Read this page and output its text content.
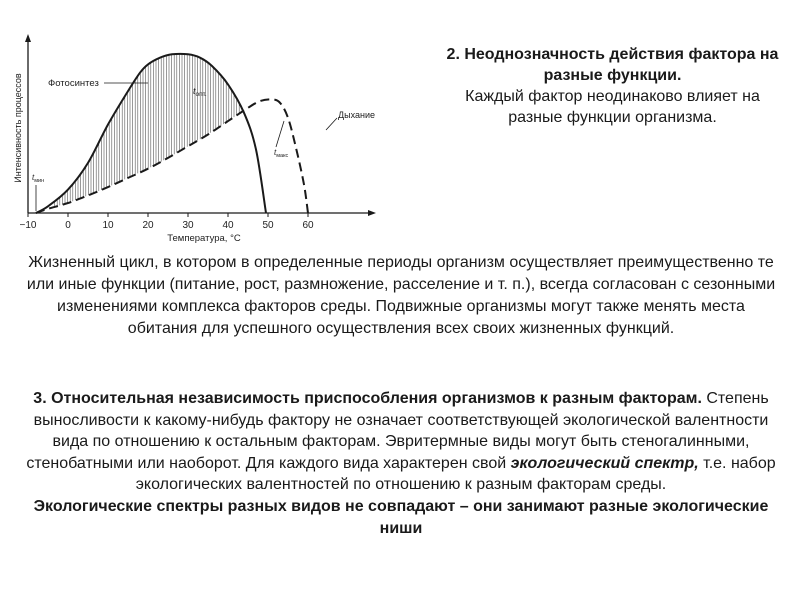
−10	0	10	20	30	40	50	60
Интенсивность процессов
Температура, °С
Фотосинтез
Дыхание
$t_{опт.}$
$t_{мин}$
$t_{макс}$
2. Неоднозначность действия фактора на разные функции.
Каждый фактор неодинаково влияет на разные функции организма.
Жизненный цикл, в котором в определенные периоды организм осуществляет преимущественно те или иные функции (питание, рост, размножение, расселение и т. п.), всегда согласован с сезонными изменениями комплекса факторов среды. Подвижные организмы могут также менять места обитания для успешного осуществления всех своих жизненных функций.
3. Относительная независимость приспособления организмов к разным факторам. Степень выносливости к какому-нибудь фактору не означает соответствующей экологической валентности вида по отношению к остальным факторам. Эвритермные виды могут быть стеногалинными, стенобатными или наоборот. Для каждого вида характерен свой экологический спектр, т.е. набор экологических валентностей по отношению к разным факторам среды.
Экологические спектры разных видов не совпадают – они занимают разные экологические ниши
